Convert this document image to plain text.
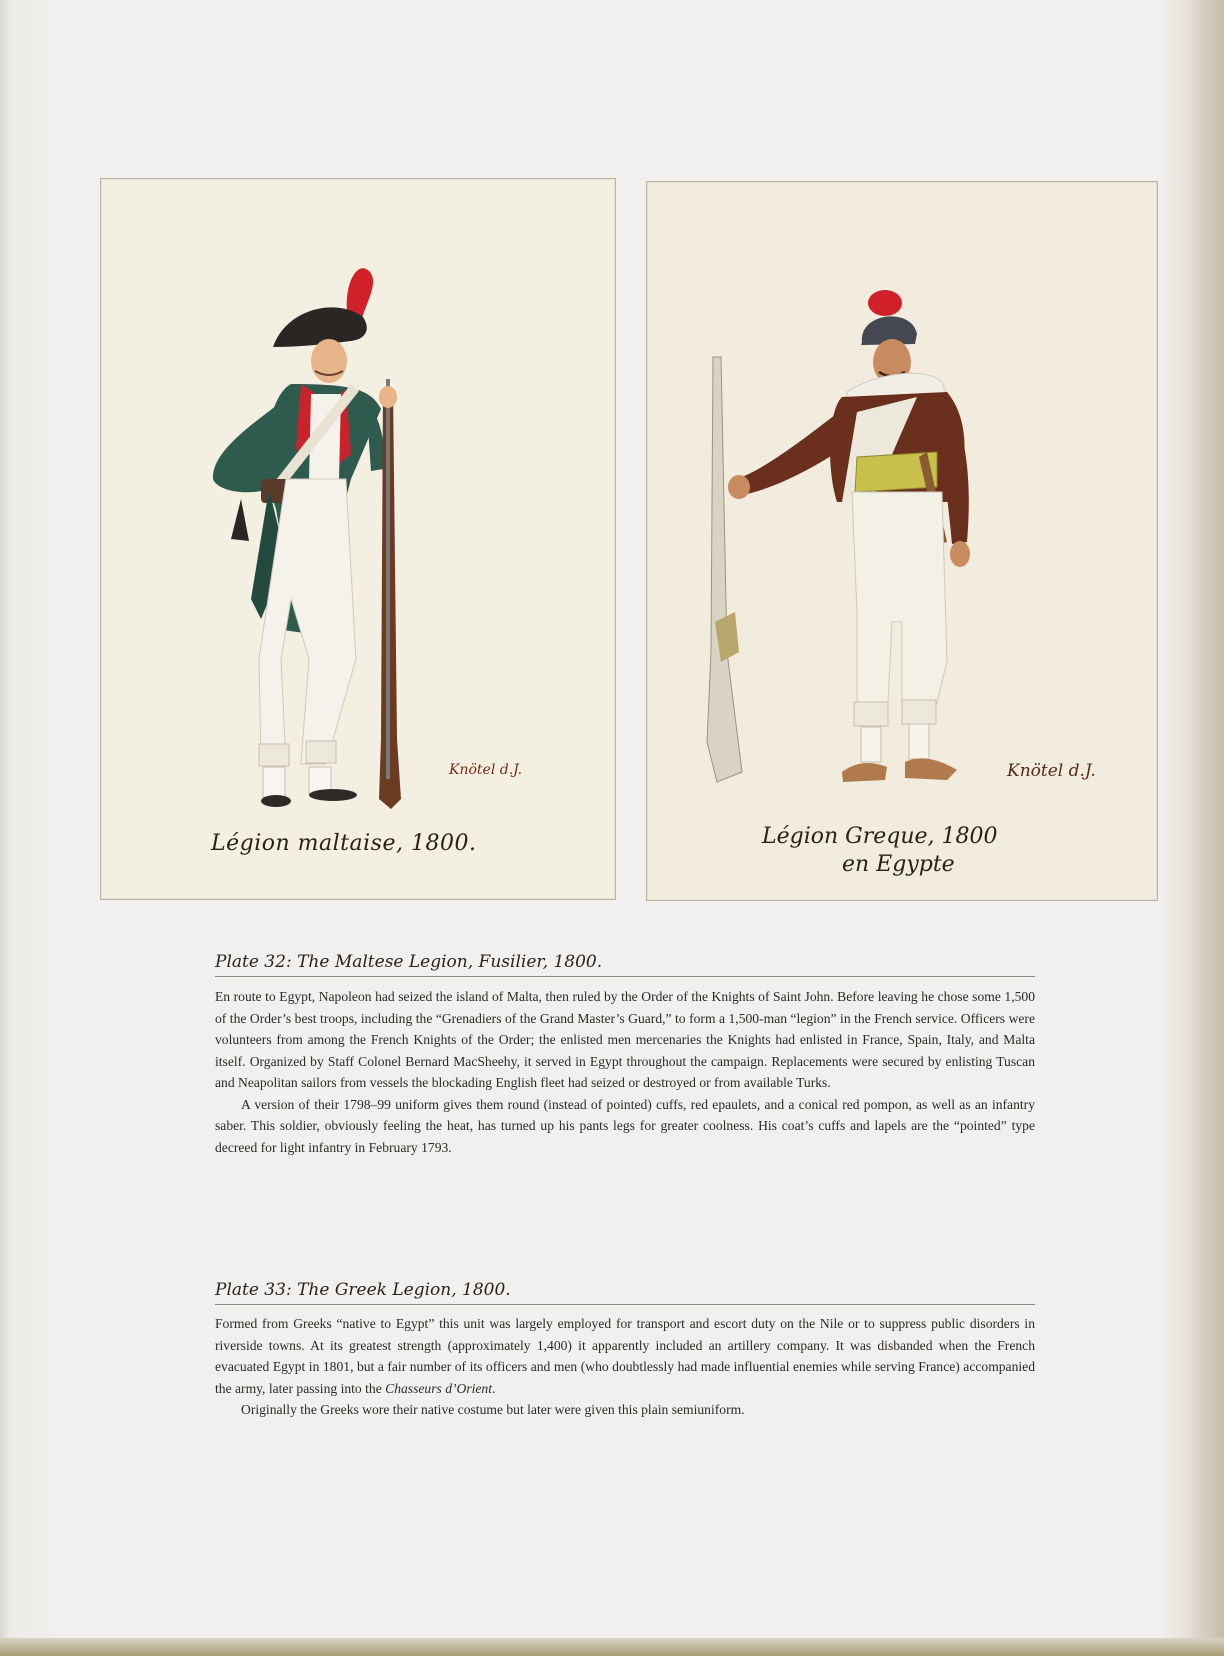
Knötel d.J.
Légion maltaise, 1800.
Knötel d.J.
Légion Greque, 1800
en Egypte
Plate 32: The Maltese Legion, Fusilier, 1800.

En route to Egypt, Napoleon had seized the island of Malta, then ruled by the Order of the Knights of Saint John. Before leaving he chose some 1,500 of the Order’s best troops, including the “Grenadiers of the Grand Master’s Guard,” to form a 1,500-man “legion” in the French service. Officers were volunteers from among the French Knights of the Order; the enlisted men mercenaries the Knights had enlisted in France, Spain, Italy, and Malta itself. Organized by Staff Colonel Bernard MacSheehy, it served in Egypt throughout the campaign. Replacements were secured by enlisting Tuscan and Neapolitan sailors from vessels the blockading English fleet had seized or destroyed or from available Turks.

A version of their 1798–99 uniform gives them round (instead of pointed) cuffs, red epaulets, and a conical red pompon, as well as an infantry saber. This soldier, obviously feeling the heat, has turned up his pants legs for greater coolness. His coat’s cuffs and lapels are the “pointed” type decreed for light infantry in February 1793.

Plate 33: The Greek Legion, 1800.

Formed from Greeks “native to Egypt” this unit was largely employed for transport and escort duty on the Nile or to suppress public disorders in riverside towns. At its greatest strength (approximately 1,400) it apparently included an artillery company. It was disbanded when the French evacuated Egypt in 1801, but a fair number of its officers and men (who doubtlessly had made influential enemies while serving France) accompanied the army, later passing into the Chasseurs d’Orient.

Originally the Greeks wore their native costume but later were given this plain semiuniform.
